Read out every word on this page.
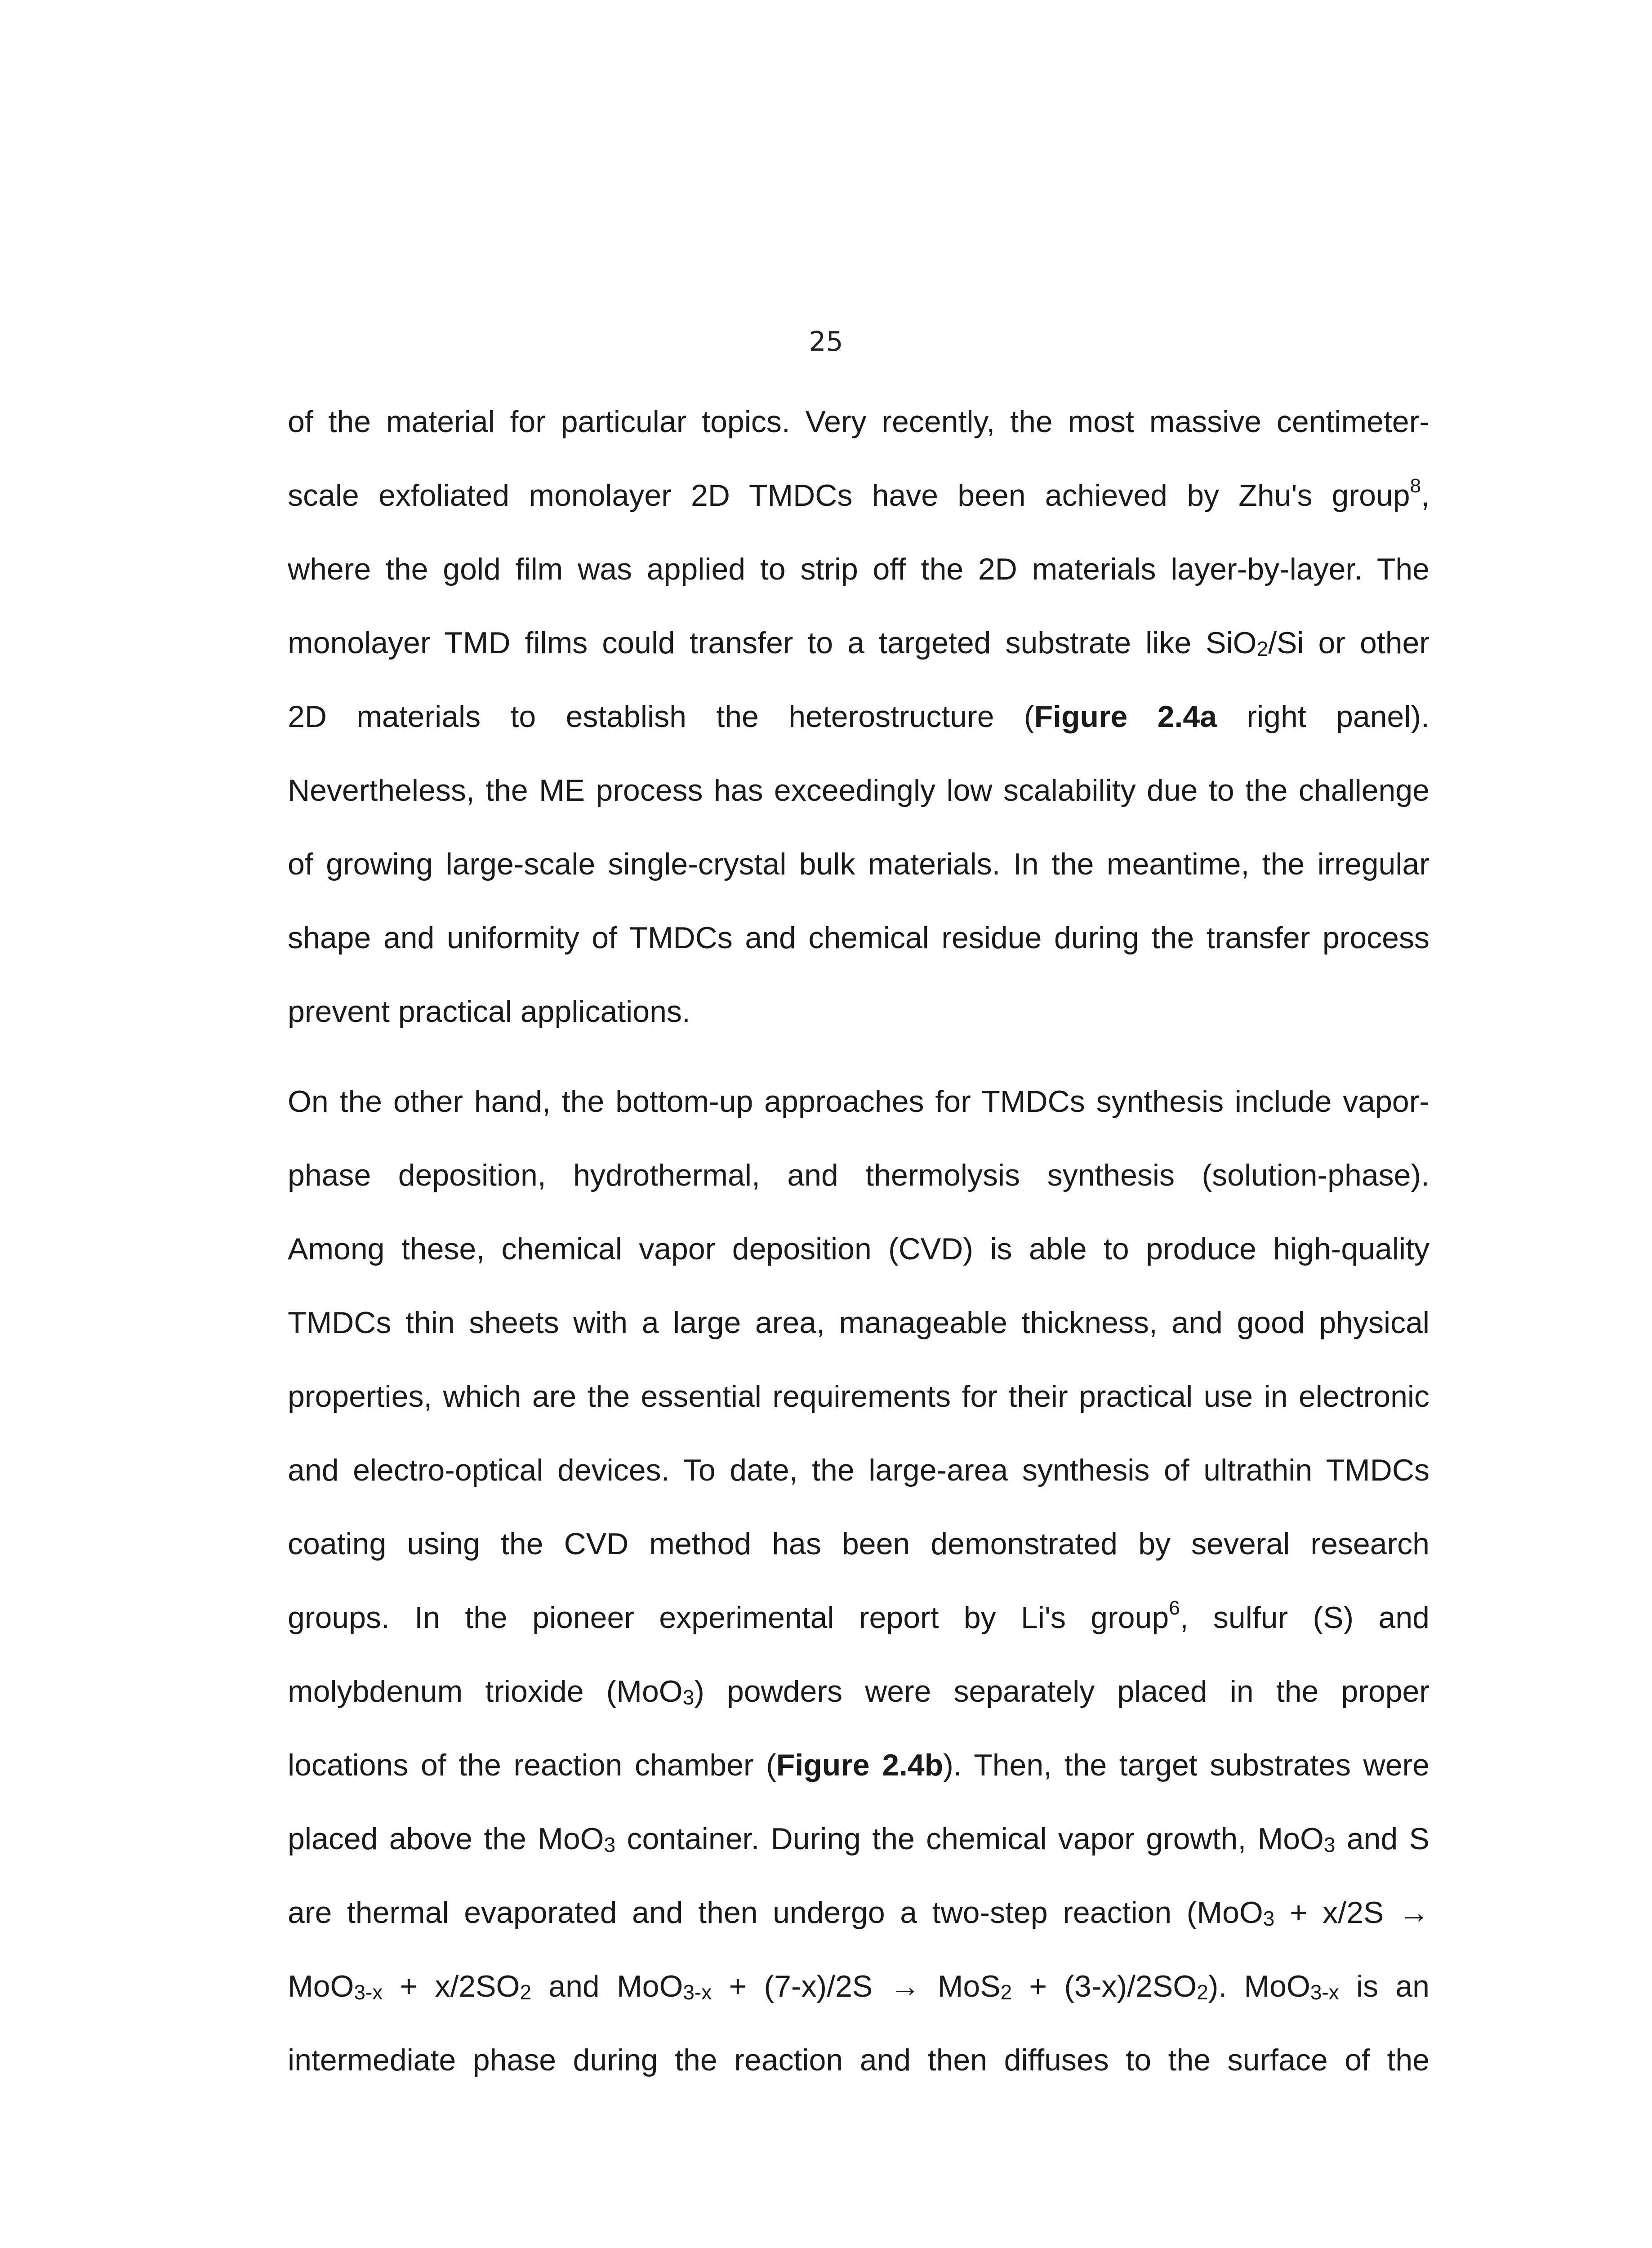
25
of the material for particular topics. Very recently, the most massive centimeter-
scale exfoliated monolayer 2D TMDCs have been achieved by Zhu's group$^8$,
where the gold film was applied to strip off the 2D materials layer-by-layer. The
monolayer TMD films could transfer to a targeted substrate like SiO$_2$/Si or other
2D materials to establish the heterostructure (Figure 2.4a right panel).
Nevertheless, the ME process has exceedingly low scalability due to the challenge
of growing large-scale single-crystal bulk materials. In the meantime, the irregular
shape and uniformity of TMDCs and chemical residue during the transfer process
prevent practical applications.
On the other hand, the bottom-up approaches for TMDCs synthesis include vapor-
phase deposition, hydrothermal, and thermolysis synthesis (solution-phase).
Among these, chemical vapor deposition (CVD) is able to produce high-quality
TMDCs thin sheets with a large area, manageable thickness, and good physical
properties, which are the essential requirements for their practical use in electronic
and electro-optical devices. To date, the large-area synthesis of ultrathin TMDCs
coating using the CVD method has been demonstrated by several research
groups. In the pioneer experimental report by Li's group$^6$, sulfur (S) and
molybdenum trioxide (MoO$_3$) powders were separately placed in the proper
locations of the reaction chamber (Figure 2.4b). Then, the target substrates were
placed above the MoO$_3$ container. During the chemical vapor growth, MoO$_3$ and S
are thermal evaporated and then undergo a two-step reaction (MoO$_3$ + x/2S →
$MoO_{3-x} + x/2SO_2$ and $MoO_{3-x} + (7-x)/2S \to MoS_2 + (3-x)/2SO_2$). MoO$_{3-x}$ is an
intermediate phase during the reaction and then diffuses to the surface of the
